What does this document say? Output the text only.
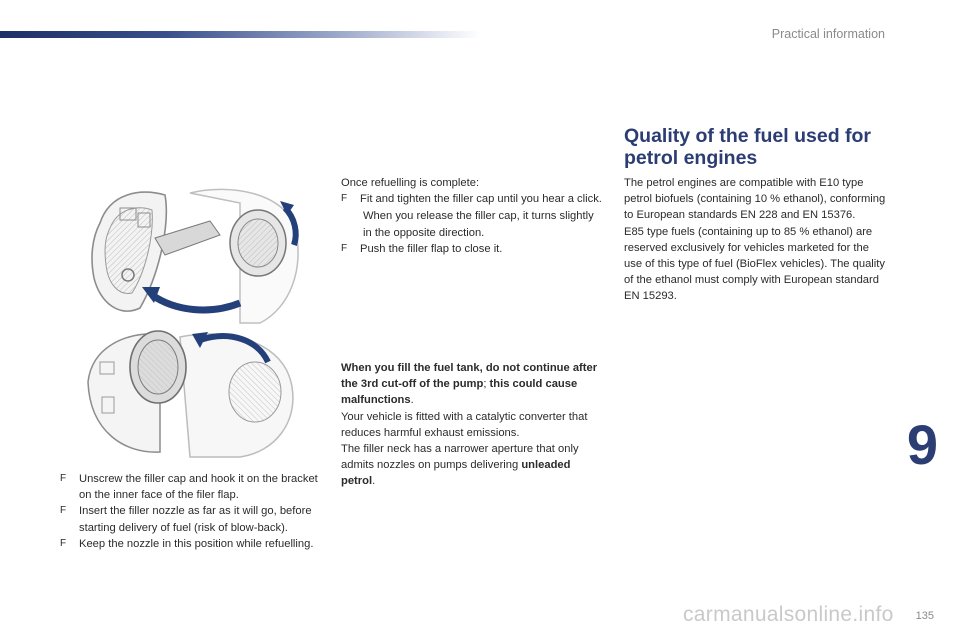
Practical information

F Unscrew the filler cap and hook it on the bracket on the inner face of the filer flap.

F Insert the filler nozzle as far as it will go, before starting delivery of fuel (risk of blow-back).

F Keep the nozzle in this position while refuelling.

Once refuelling is complete:

F Fit and tighten the filler cap until you hear a click.

When you release the filler cap, it turns slightly in the opposite direction.

F Push the filler flap to close it.

When you fill the fuel tank, do not continue after the 3rd cut-off of the pump; this could cause malfunctions.

Your vehicle is fitted with a catalytic converter that reduces harmful exhaust emissions.

The filler neck has a narrower aperture that only admits nozzles on pumps delivering unleaded petrol.

Quality of the fuel used for petrol engines

The petrol engines are compatible with E10 type petrol biofuels (containing 10 % ethanol), conforming to European standards EN 228 and EN 15376.

E85 type fuels (containing up to 85 % ethanol) are reserved exclusively for vehicles marketed for the use of this type of fuel (BioFlex vehicles). The quality of the ethanol must comply with European standard EN 15293.

9
carmanualsonline.info 135
